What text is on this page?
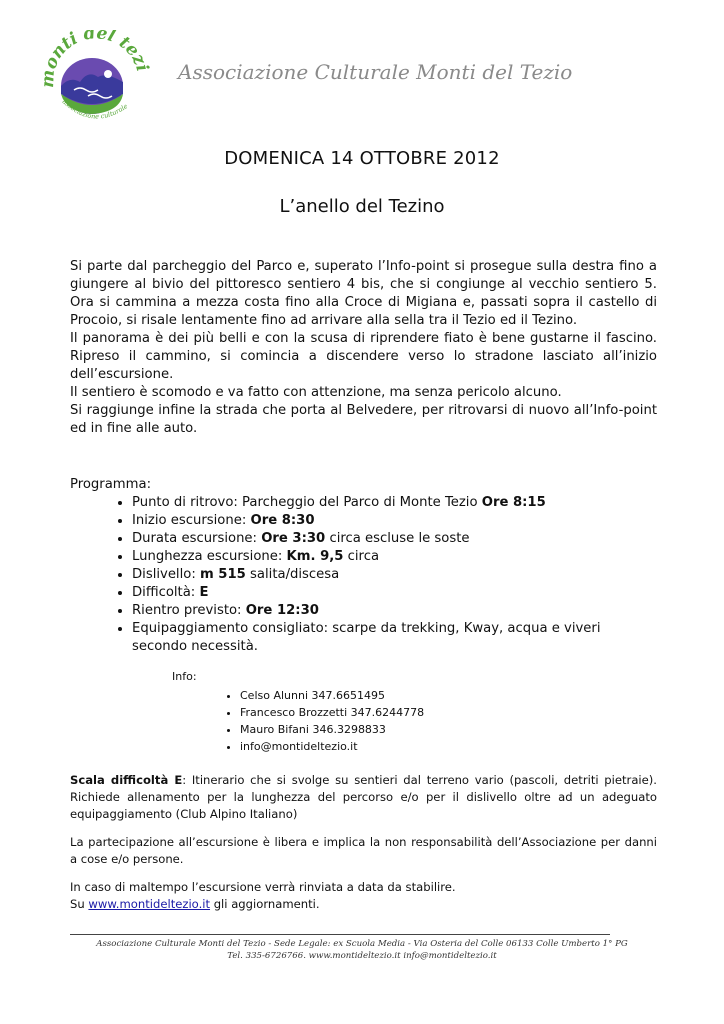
monti del tez
associazione culturale
Associazione Culturale Monti del Tezio
DOMENICA 14 OTTOBRE 2012
L’anello del Tezino

Si parte dal parcheggio del Parco e, superato l’Info-point si prosegue sulla destra fino a giungere al bivio del pittoresco sentiero 4 bis, che si congiunge al vecchio sentiero 5. Ora si cammina a mezza costa fino alla Croce di Migiana e, passati sopra il castello di Procoio, si risale lentamente fino ad arrivare alla sella tra il Tezio ed il Tezino.

Il panorama è dei più belli e con la scusa di riprendere fiato è bene gustarne il fascino. Ripreso il cammino, si comincia a discendere verso lo stradone lasciato all’inizio dell’escursione.

Il sentiero è scomodo e va fatto con attenzione, ma senza pericolo alcuno.

Si raggiunge infine la strada che porta al Belvedere, per ritrovarsi di nuovo all’Info-point ed in fine alle auto.

Programma:
• Punto di ritrovo: Parcheggio del Parco di Monte Tezio Ore 8:15
• Inizio escursione: Ore 8:30
• Durata escursione: Ore 3:30 circa escluse le soste
• Lunghezza escursione: Km. 9,5 circa
• Dislivello: m 515 salita/discesa
• Difficoltà: E
• Rientro previsto: Ore 12:30
• Equipaggiamento consigliato: scarpe da trekking, Kway, acqua e viveri secondo necessità.
Info:
• Celso Alunni 347.6651495
• Francesco Brozzetti 347.6244778
• Mauro Bifani 346.3298833
• info@montideltezio.it

Scala difficoltà E: Itinerario che si svolge su sentieri dal terreno vario (pascoli, detriti pietraie). Richiede allenamento per la lunghezza del percorso e/o per il dislivello oltre ad un adeguato equipaggiamento (Club Alpino Italiano)

La partecipazione all’escursione è libera e implica la non responsabilità dell’Associazione per danni a cose e/o persone.

In caso di maltempo l’escursione verrà rinviata a data da stabilire.

Su www.montideltezio.it gli aggiornamenti.

Associazione Culturale Monti del Tezio - Sede Legale: ex Scuola Media - Via Osteria del Colle 06133 Colle Umberto 1° PG
Tel. 335-6726766. www.montideltezio.it info@montideltezio.it
